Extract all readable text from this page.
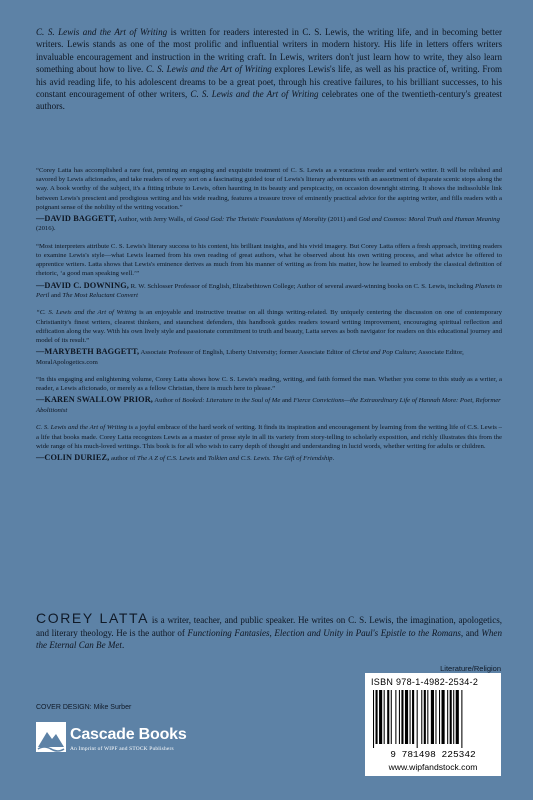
C. S. Lewis and the Art of Writing is written for readers interested in C. S. Lewis, the writing life, and in becoming better writers. Lewis stands as one of the most prolific and influential writers in modern history. His life in letters offers writers invaluable encouragement and instruction in the writing craft. In Lewis, writers don't just learn how to write, they also learn something about how to live. C. S. Lewis and the Art of Writing explores Lewis's life, as well as his practice of, writing. From his avid reading life, to his adolescent dreams to be a great poet, through his creative failures, to his brilliant successes, to his constant encouragement of other writers, C. S. Lewis and the Art of Writing celebrates one of the twentieth-century's greatest authors.

“Corey Latta has accomplished a rare feat, penning an engaging and exquisite treatment of C. S. Lewis as a voracious reader and writer's writer. It will be relished and savored by Lewis aficionados, and take readers of every sort on a fascinating guided tour of Lewis's literary adventures with an assortment of disparate scenic stops along the way. A book worthy of the subject, it's a fitting tribute to Lewis, often haunting in its beauty and perspicacity, on occasion downright stirring. It shows the indissoluble link between Lewis's prescient and prodigious writing and his wide reading, features a treasure trove of eminently practical advice for the aspiring writer, and fills readers with a poignant sense of the nobility of the writing vocation.”

—DAVID BAGGETT, Author, with Jerry Walls, of Good God: The Theistic Foundations of Morality (2011) and God and Cosmos: Moral Truth and Human Meaning (2016).

“Most interpreters attribute C. S. Lewis's literary success to his content, his brilliant insights, and his vivid imagery. But Corey Latta offers a fresh approach, inviting readers to examine Lewis's style—what Lewis learned from his own reading of great authors, what he observed about his own writing process, and what advice he offered to apprentice writers. Latta shows that Lewis's eminence derives as much from his manner of writing as from his matter, how he learned to embody the classical definition of rhetoric, ‘a good man speaking well.’”

—DAVID C. DOWNING, R. W. Schlosser Professor of English, Elizabethtown College; Author of several award-winning books on C. S. Lewis, including Planets in Peril and The Most Reluctant Convert

“C. S. Lewis and the Art of Writing is an enjoyable and instructive treatise on all things writing-related. By uniquely centering the discussion on one of contemporary Christianity's finest writers, clearest thinkers, and staunchest defenders, this handbook guides readers toward writing improvement, encouraging spiritual reflection and edification along the way. With his own lively style and passionate commitment to truth and beauty, Latta serves as both navigator for readers on this educational journey and model of its result.”

—MARYBETH BAGGETT, Associate Professor of English, Liberty University; former Associate Editor of Christ and Pop Culture; Associate Editor, MoralApologetics.com

“In this engaging and enlightening volume, Corey Latta shows how C. S. Lewis's reading, writing, and faith formed the man. Whether you come to this study as a writer, a reader, a Lewis aficionado, or merely as a fellow Christian, there is much here to please.”

—KAREN SWALLOW PRIOR, Author of Booked: Literature in the Soul of Me and Fierce Convictions—the Extraordinary Life of Hannah More: Poet, Reformer Abolitionist

C. S. Lewis and the Art of Writing is a joyful embrace of the hard work of writing. It finds its inspiration and encouragement by learning from the writing life of C.S. Lewis – a life that books made. Corey Latta recognizes Lewis as a master of prose style in all its variety from story-telling to scholarly exposition, and richly illustrates this from the wide range of his much-loved writings. This book is for all who wish to carry depth of thought and understanding in lucid words, whether writing for adults or children.

—COLIN DURIEZ, author of The A Z of C.S. Lewis and Tolkien and C.S. Lewis. The Gift of Friendship.

COREY LATTA is a writer, teacher, and public speaker. He writes on C. S. Lewis, the imagination, apologetics, and literary theology. He is the author of Functioning Fantasies, Election and Unity in Paul's Epistle to the Romans, and When the Eternal Can Be Met.

Literature/Religion
COVER DESIGN: Mike Surber
Cascade Books
An Imprint of WIPF and STOCK Publishers
ISBN 978-1-4982-2534-2
9 781498 225342
www.wipfandstock.com
